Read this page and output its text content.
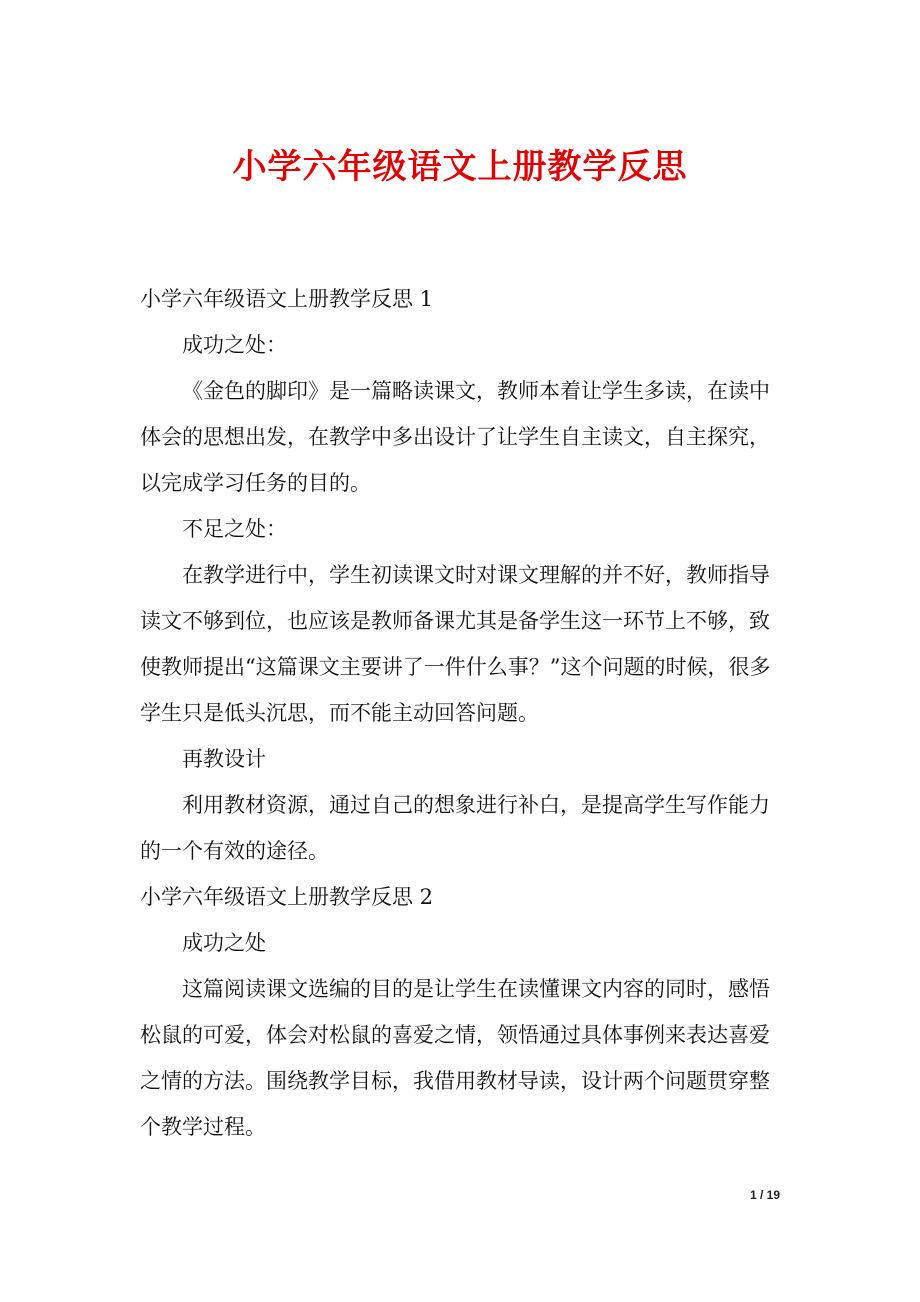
小学六年级语文上册教学反思

小学六年级语文上册教学反思 1

成功之处：

《金色的脚印》是一篇略读课文，教师本着让学生多读，在读中体会的思想出发，在教学中多出设计了让学生自主读文，自主探究，以完成学习任务的目的。

不足之处：

在教学进行中，学生初读课文时对课文理解的并不好，教师指导读文不够到位，也应该是教师备课尤其是备学生这一环节上不够，致使教师提出“这篇课文主要讲了一件什么事？”这个问题的时候，很多学生只是低头沉思，而不能主动回答问题。

再教设计

利用教材资源，通过自己的想象进行补白，是提高学生写作能力的一个有效的途径。

小学六年级语文上册教学反思 2

成功之处

这篇阅读课文选编的目的是让学生在读懂课文内容的同时，感悟松鼠的可爱，体会对松鼠的喜爱之情，领悟通过具体事例来表达喜爱之情的方法。围绕教学目标，我借用教材导读，设计两个问题贯穿整个教学过程。

1 / 19
